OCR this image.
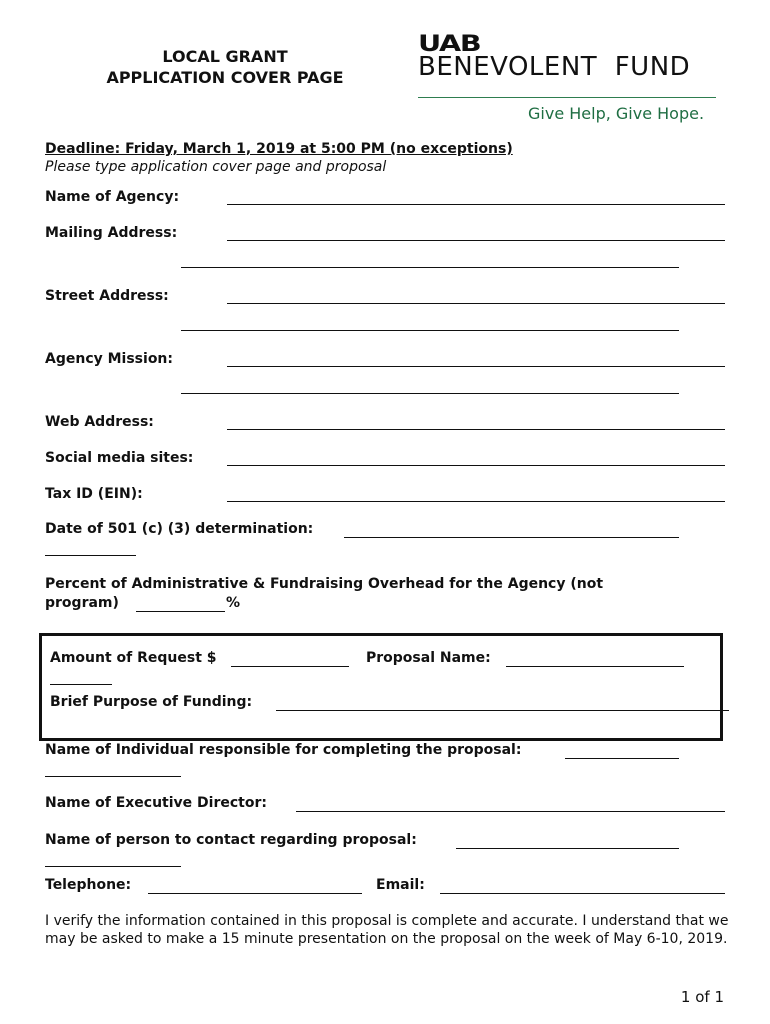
LOCAL GRANT
APPLICATION COVER PAGE
UAB
BENEVOLENT  FUND
Give Help, Give Hope.
Deadline: Friday, March 1, 2019 at 5:00 PM (no exceptions)
Please type application cover page and proposal
Name of Agency:
Mailing Address:
Street Address:
Agency Mission:
Web Address:
Social media sites:
Tax ID (EIN):
Date of 501 (c) (3) determination:
Percent of Administrative & Fundraising Overhead for the Agency (not
program)	%
Amount of Request $	Proposal Name:
Brief Purpose of Funding:
Name of Individual responsible for completing the proposal:
Name of Executive Director:
Name of person to contact regarding proposal:
Telephone:	Email:
I verify the information contained in this proposal is complete and accurate. I understand that we may be asked to make a 15 minute presentation on the proposal on the week of May 6-10, 2019.
1 of 1
